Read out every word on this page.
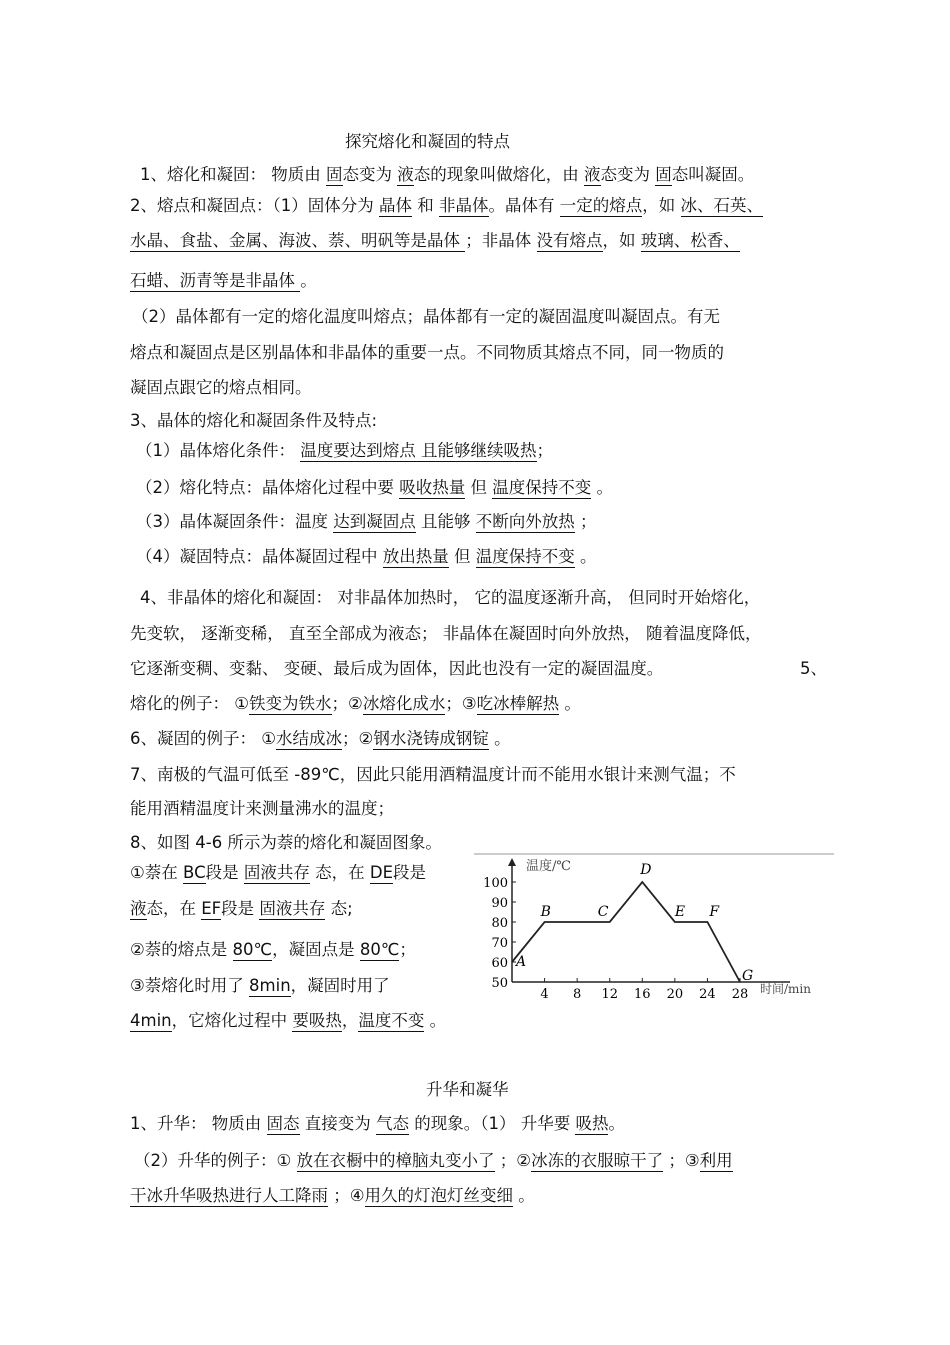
探究熔化和凝固的特点
1、熔化和凝固： 物质由 固态变为 液态的现象叫做熔化，由 液态变为 固态叫凝固。
2、熔点和凝固点：（1）固体分为 晶体 和 非晶体。晶体有 一定的熔点，如 冰、石英、
水晶、食盐、金属、海波、萘、明矾等是晶体 ；非晶体 没有熔点，如 玻璃、松香、
石蜡、沥青等是非晶体 。
（2）晶体都有一定的熔化温度叫熔点；晶体都有一定的凝固温度叫凝固点。有无
熔点和凝固点是区别晶体和非晶体的重要一点。不同物质其熔点不同，同一物质的
凝固点跟它的熔点相同。
3、晶体的熔化和凝固条件及特点:
（1）晶体熔化条件： 温度要达到熔点 且能够继续吸热；
（2）熔化特点：晶体熔化过程中要 吸收热量 但 温度保持不变 。
（3）晶体凝固条件：温度 达到凝固点 且能够 不断向外放热 ；
（4）凝固特点：晶体凝固过程中 放出热量 但 温度保持不变 。
4、非晶体的熔化和凝固： 对非晶体加热时， 它的温度逐渐升高， 但同时开始熔化，
先变软， 逐渐变稀， 直至全部成为液态； 非晶体在凝固时向外放热， 随着温度降低，
它逐渐变稠、变黏、 变硬、最后成为固体，因此也没有一定的凝固温度。	5、
熔化的例子： ①铁变为铁水；②冰熔化成水；③吃冰棒解热 。
6、凝固的例子： ①水结成冰；②钢水浇铸成钢锭 。
7、南极的气温可低至 -89℃，因此只能用酒精温度计而不能用水银计来测气温；不
能用酒精温度计来测量沸水的温度；
8、如图 4-6 所示为萘的熔化和凝固图象。
①萘在 BC段是 固液共存 态，在 DE段是
液态，在 EF段是 固液共存 态;
②萘的熔点是 80℃，凝固点是 80℃；
③萘熔化时用了 8min，凝固时用了
4min，它熔化过程中 要吸热，温度不变 。
4 8 12 16 20 24 28
50
60
70
80
90
100
A
B	C
D
E F
G
温度/℃
时间/min
升华和凝华
1、升华： 物质由 固态 直接变为 气态 的现象。（1） 升华要 吸热。
（2）升华的例子：① 放在衣橱中的樟脑丸变小了 ；②冰冻的衣服晾干了 ；③利用
干冰升华吸热进行人工降雨 ；④用久的灯泡灯丝变细 。
